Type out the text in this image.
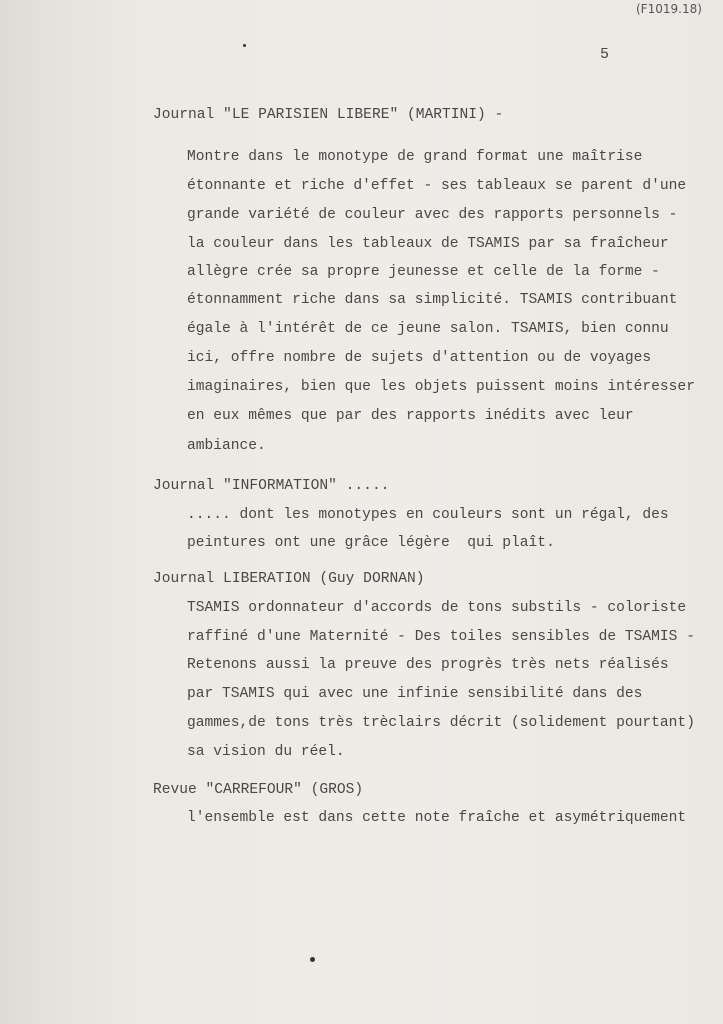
(F1019.18)
5
Journal "LE PARISIEN LIBERE" (MARTINI) -
Montre dans le monotype de grand format une maîtrise
étonnante et riche d'effet - ses tableaux se parent d'une
grande variété de couleur avec des rapports personnels -
la couleur dans les tableaux de TSAMIS par sa fraîcheur
allègre crée sa propre jeunesse et celle de la forme -
étonnamment riche dans sa simplicité. TSAMIS contribuant
égale à l'intérêt de ce jeune salon. TSAMIS, bien connu
ici, offre nombre de sujets d'attention ou de voyages
imaginaires, bien que les objets puissent moins intéresser
en eux mêmes que par des rapports inédits avec leur
ambiance.
Journal "INFORMATION" .....
..... dont les monotypes en couleurs sont un régal, des
peintures ont une grâce légère  qui plaît.
Journal LIBERATION (Guy DORNAN)
TSAMIS ordonnateur d'accords de tons substils - coloriste
raffiné d'une Maternité - Des toiles sensibles de TSAMIS -
Retenons aussi la preuve des progrès très nets réalisés
par TSAMIS qui avec une infinie sensibilité dans des
gammes,de tons très trèclairs décrit (solidement pourtant)
sa vision du réel.
Revue "CARREFOUR" (GROS)
l'ensemble est dans cette note fraîche et asymétriquement
